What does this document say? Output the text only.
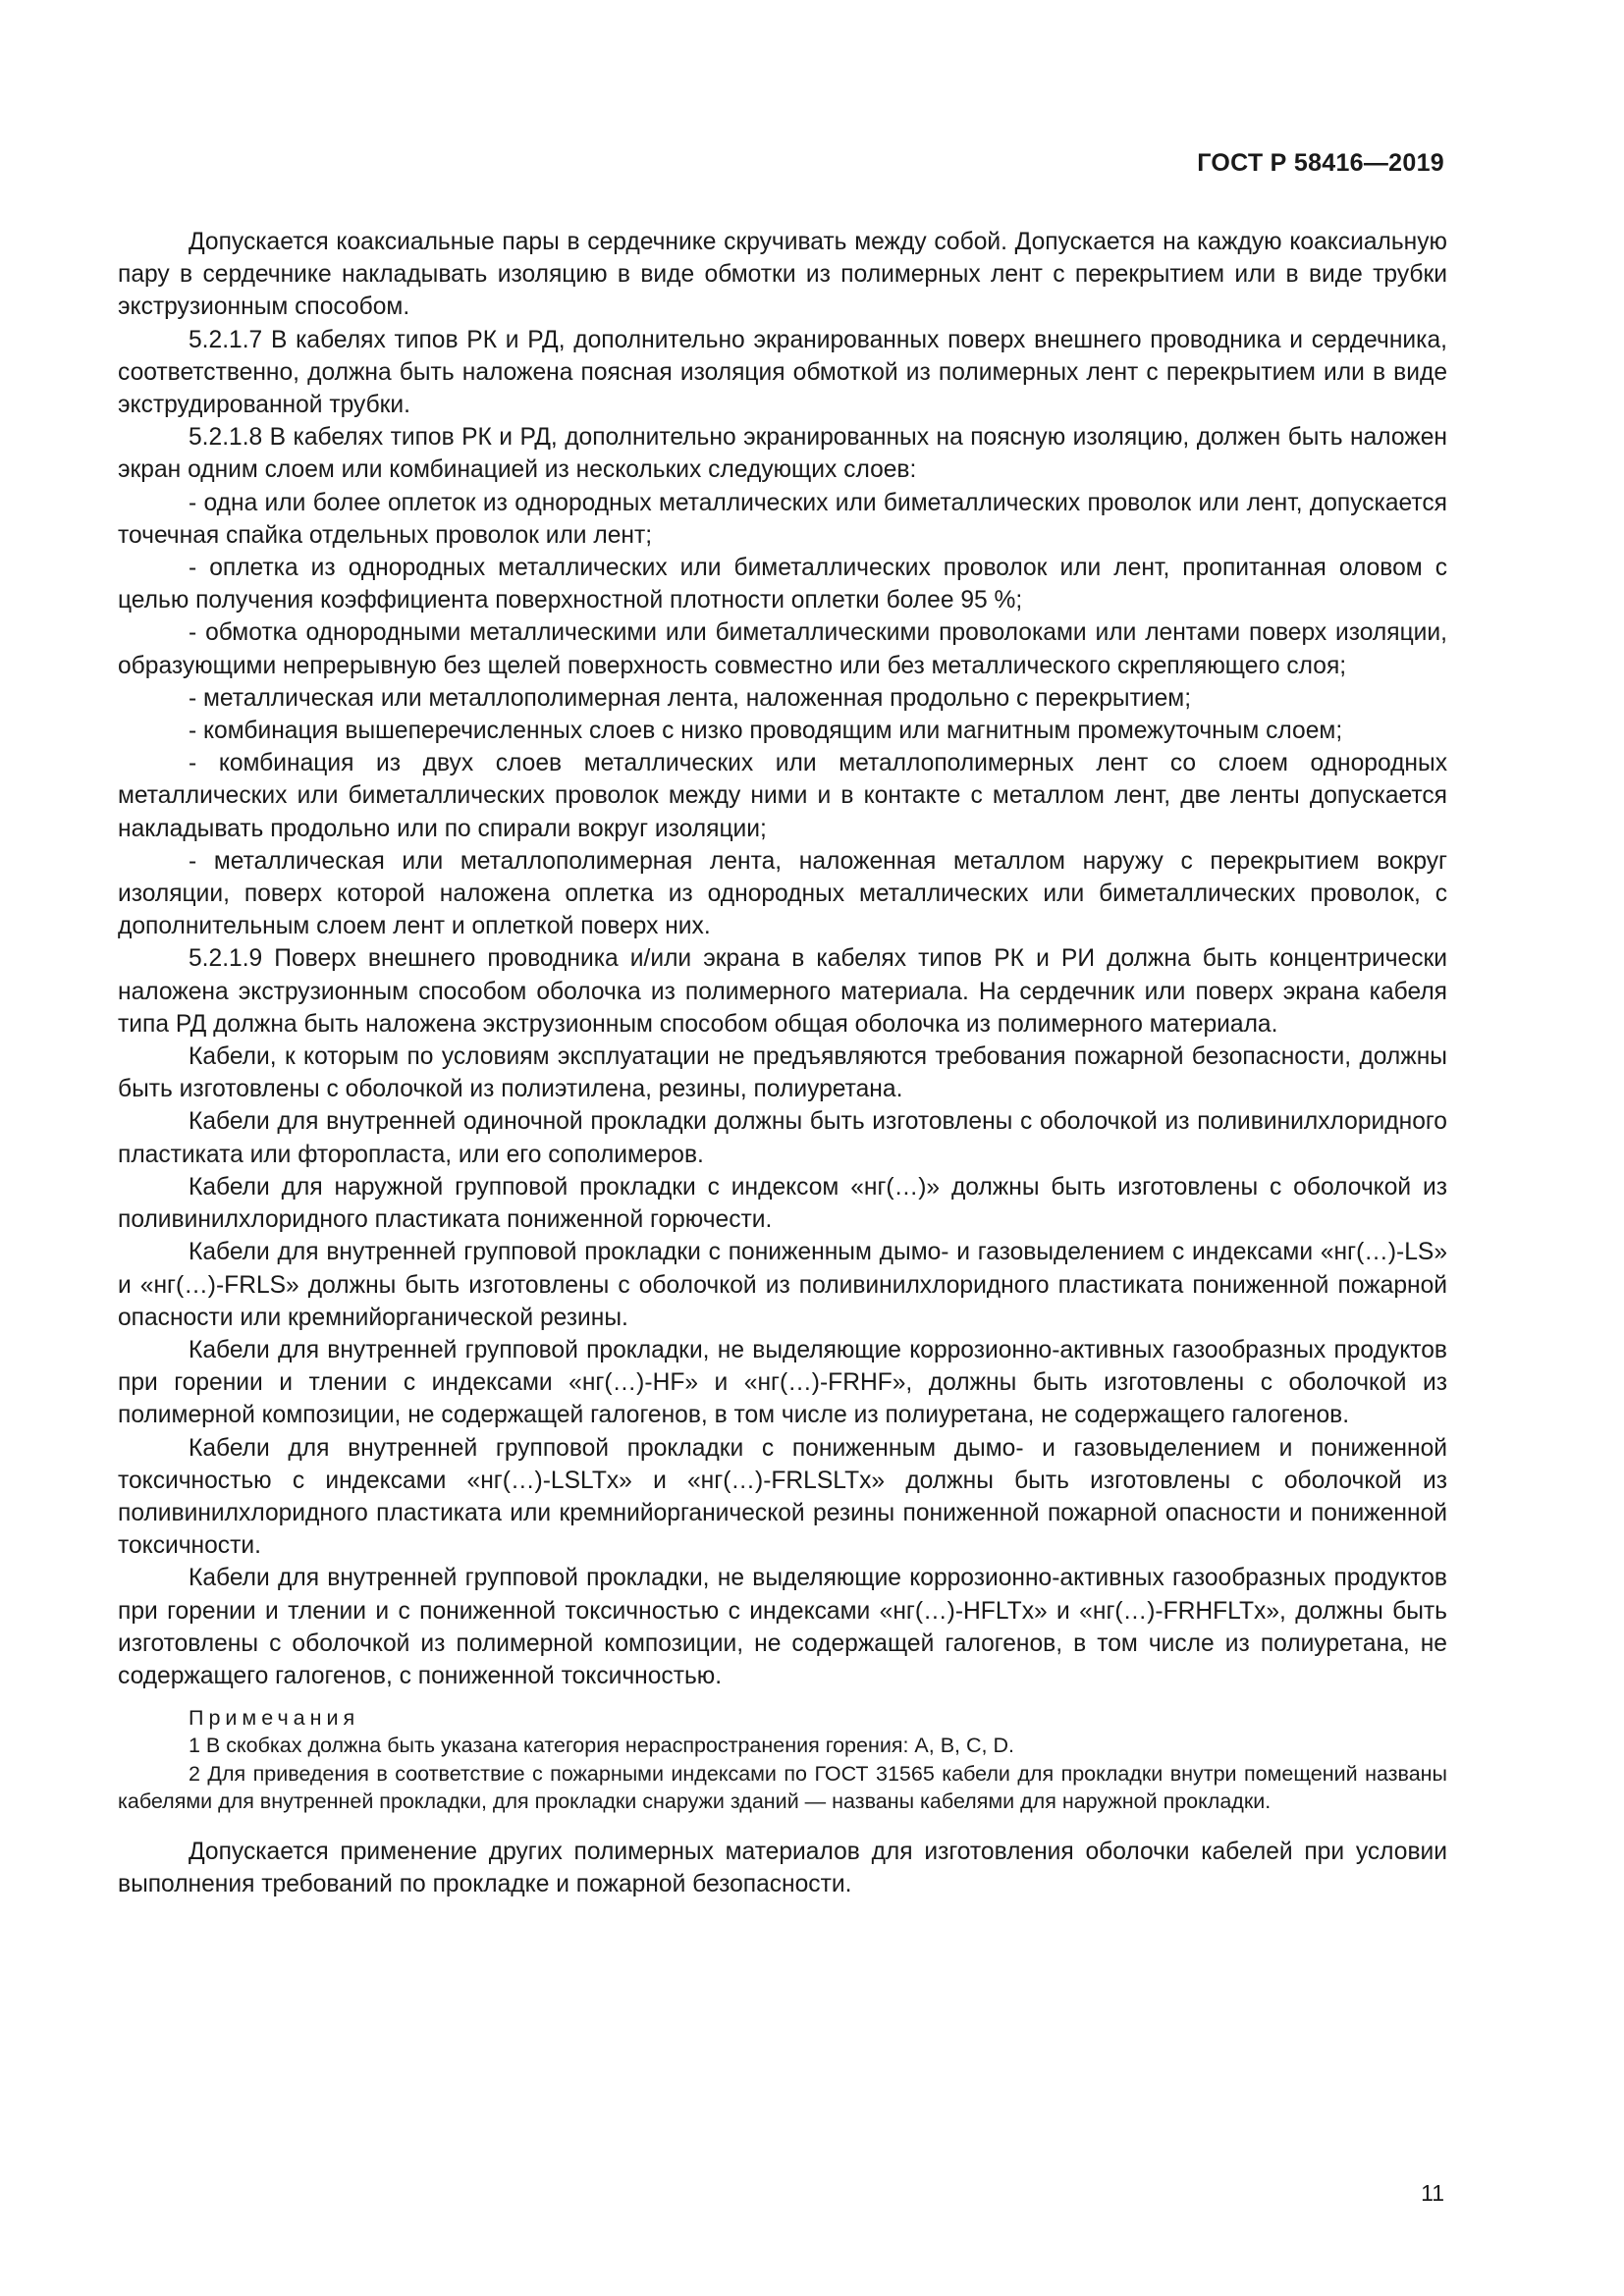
ГОСТ Р 58416—2019

Допускается коаксиальные пары в сердечнике скручивать между собой. Допускается на каждую коаксиальную пару в сердечнике накладывать изоляцию в виде обмотки из полимерных лент с перекрытием или в виде трубки экструзионным способом.

5.2.1.7 В кабелях типов РК и РД, дополнительно экранированных поверх внешнего проводника и сердечника, соответственно, должна быть наложена поясная изоляция обмоткой из полимерных лент с перекрытием или в виде экструдированной трубки.

5.2.1.8 В кабелях типов РК и РД, дополнительно экранированных на поясную изоляцию, должен быть наложен экран одним слоем или комбинацией из нескольких следующих слоев:

- одна или более оплеток из однородных металлических или биметаллических проволок или лент, допускается точечная спайка отдельных проволок или лент;

- оплетка из однородных металлических или биметаллических проволок или лент, пропитанная оловом с целью получения коэффициента поверхностной плотности оплетки более 95 %;

- обмотка однородными металлическими или биметаллическими проволоками или лентами поверх изоляции, образующими непрерывную без щелей поверхность совместно или без металлического скрепляющего слоя;

- металлическая или металлополимерная лента, наложенная продольно с перекрытием;

- комбинация вышеперечисленных слоев с низко проводящим или магнитным промежуточным слоем;

- комбинация из двух слоев металлических или металлополимерных лент со слоем однородных металлических или биметаллических проволок между ними и в контакте с металлом лент, две ленты допускается накладывать продольно или по спирали вокруг изоляции;

- металлическая или металлополимерная лента, наложенная металлом наружу с перекрытием вокруг изоляции, поверх которой наложена оплетка из однородных металлических или биметаллических проволок, с дополнительным слоем лент и оплеткой поверх них.

5.2.1.9 Поверх внешнего проводника и/или экрана в кабелях типов РК и РИ должна быть концентрически наложена экструзионным способом оболочка из полимерного материала. На сердечник или поверх экрана кабеля типа РД должна быть наложена экструзионным способом общая оболочка из полимерного материала.

Кабели, к которым по условиям эксплуатации не предъявляются требования пожарной безопасности, должны быть изготовлены с оболочкой из полиэтилена, резины, полиуретана.

Кабели для внутренней одиночной прокладки должны быть изготовлены с оболочкой из поливинилхлоридного пластиката или фторопласта, или его сополимеров.

Кабели для наружной групповой прокладки с индексом «нг(…)» должны быть изготовлены с оболочкой из поливинилхлоридного пластиката пониженной горючести.

Кабели для внутренней групповой прокладки с пониженным дымо- и газовыделением с индексами «нг(…)-LS» и «нг(…)-FRLS» должны быть изготовлены с оболочкой из поливинилхлоридного пластиката пониженной пожарной опасности или кремнийорганической резины.

Кабели для внутренней групповой прокладки, не выделяющие коррозионно-активных газообразных продуктов при горении и тлении с индексами «нг(…)-HF» и «нг(…)-FRHF», должны быть изготовлены с оболочкой из полимерной композиции, не содержащей галогенов, в том числе из полиуретана, не содержащего галогенов.

Кабели для внутренней групповой прокладки с пониженным дымо- и газовыделением и пониженной токсичностью с индексами «нг(…)-LSLTx» и «нг(…)-FRLSLTx» должны быть изготовлены с оболочкой из поливинилхлоридного пластиката или кремнийорганической резины пониженной пожарной опасности и пониженной токсичности.

Кабели для внутренней групповой прокладки, не выделяющие коррозионно-активных газообразных продуктов при горении и тлении и с пониженной токсичностью с индексами «нг(…)-HFLTx» и «нг(…)-FRHFLTx», должны быть изготовлены с оболочкой из полимерной композиции, не содержащей галогенов, в том числе из полиуретана, не содержащего галогенов, с пониженной токсичностью.

Примечания

1 В скобках должна быть указана категория нераспространения горения: A, B, C, D.

2 Для приведения в соответствие с пожарными индексами по ГОСТ 31565 кабели для прокладки внутри помещений названы кабелями для внутренней прокладки, для прокладки снаружи зданий — названы кабелями для наружной прокладки.

Допускается применение других полимерных материалов для изготовления оболочки кабелей при условии выполнения требований по прокладке и пожарной безопасности.

11
